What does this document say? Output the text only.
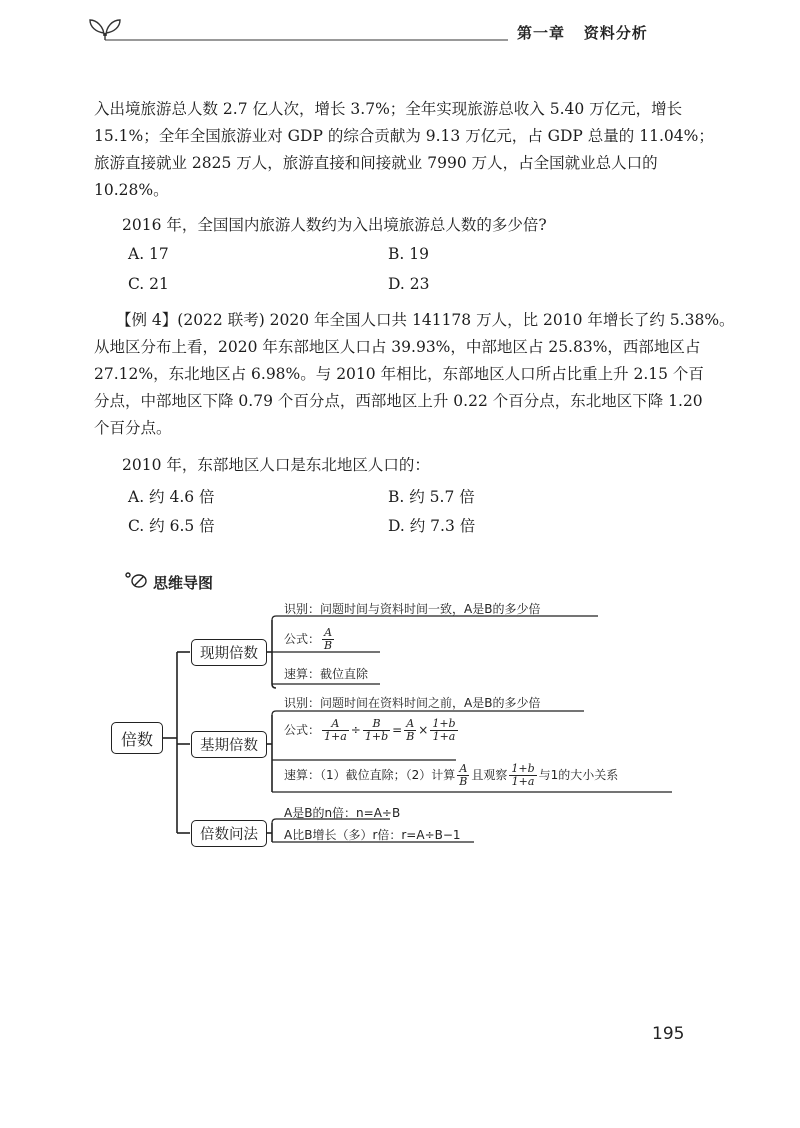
第一章 资料分析
入出境旅游总人数 2.7 亿人次，增长 3.7%；全年实现旅游总收入 5.40 万亿元，增长
15.1%；全年全国旅游业对 GDP 的综合贡献为 9.13 万亿元，占 GDP 总量的 11.04%；
旅游直接就业 2825 万人，旅游直接和间接就业 7990 万人，占全国就业总人口的
10.28%。
2016 年，全国国内旅游人数约为入出境旅游总人数的多少倍?
A. 17	B. 19
C. 21	D. 23
【例 4】(2022 联考) 2020 年全国人口共 141178 万人，比 2010 年增长了约 5.38%。
从地区分布上看，2020 年东部地区人口占 39.93%，中部地区占 25.83%，西部地区占
27.12%，东北地区占 6.98%。与 2010 年相比，东部地区人口所占比重上升 2.15 个百
分点，中部地区下降 0.79 个百分点，西部地区上升 0.22 个百分点，东北地区下降 1.20
个百分点。
2010 年，东部地区人口是东北地区人口的：
A. 约 4.6 倍	B. 约 5.7 倍
C. 约 6.5 倍	D. 约 7.3 倍
思维导图
倍数
现期倍数
基期倍数
倍数问法
识别：问题时间与资料时间一致，A是B的多少倍
公式： $\frac{A}{B}$
速算：截位直除
识别：问题时间在资料时间之前，A是B的多少倍
公式： $\frac{A}{1+a} \div \frac{B}{1+b} = \frac{A}{B} \times \frac{1+b}{1+a}$
速算：（1）截位直除；（2）计算 $\frac{A}{B}$ 且观察 $\frac{1+b}{1+a}$ 与1的大小关系
A是B的n倍：n=A÷B
A比B增长（多）r倍：r=A÷B−1
195
